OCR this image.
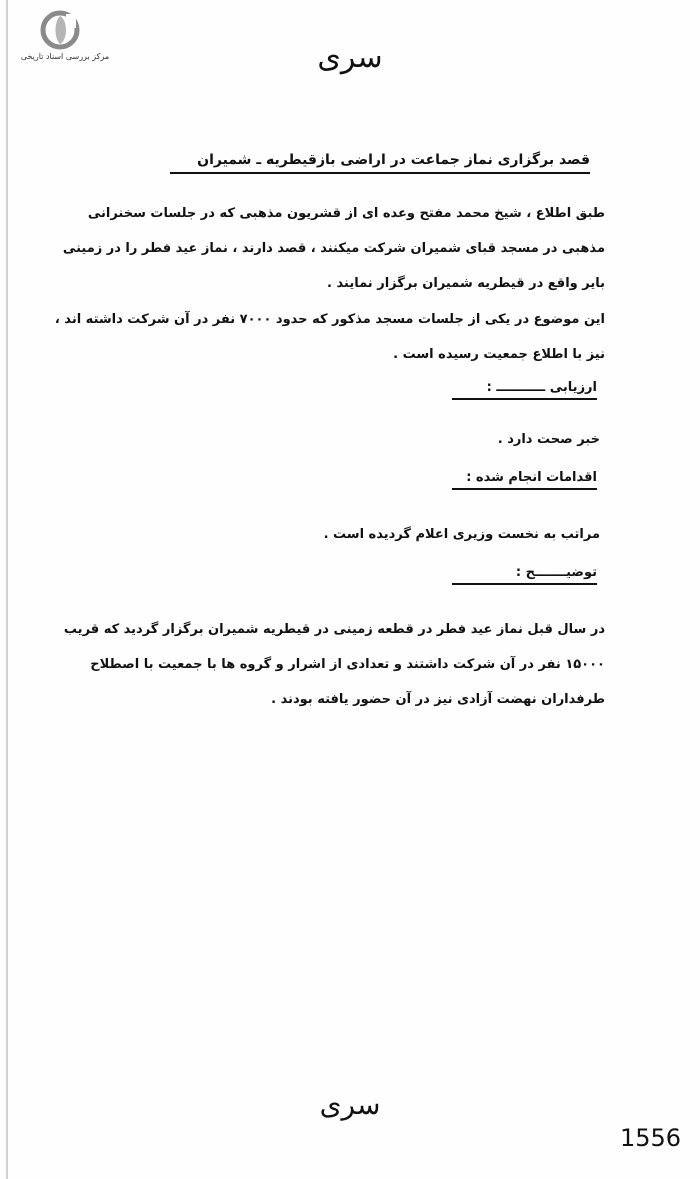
مرکز بررسی اسناد تاریخی	سری
قصد برگزاری نماز جماعت در اراضی بازقیطریه ـ شمیران
طبق اطلاع ، شیخ محمد مفتح وعده ای از قشریون مذهبی که در جلسات سخنرانی مذهبی در مسجد قبای شمیران شرکت میکنند ، قصد دارند ، نماز عید فطر را در زمینی بایر واقع در قیطریه شمیران برگزار نمایند .
این موضوع در یکی از جلسات مسجد مذکور که حدود ۷۰۰۰ نفر در آن شرکت داشته اند ، نیز با اطلاع جمعیت رسیده است .
ارزیابی ـــــــــــ :
خبر صحت دارد .
اقدامات انجام شده :
مراتب به نخست وزیری اعلام گردیده است .
توضیـــــــح :
در سال قبل نماز عید فطر در قطعه زمینی در قیطریه شمیران برگزار گردید که قریب ۱۵۰۰۰ نفر در آن شرکت داشتند و تعدادی از اشرار و گروه ها با جمعیت با اصطلاح طرفداران نهضت آزادی نیز در آن حضور یافته بودند .
سری
1556
